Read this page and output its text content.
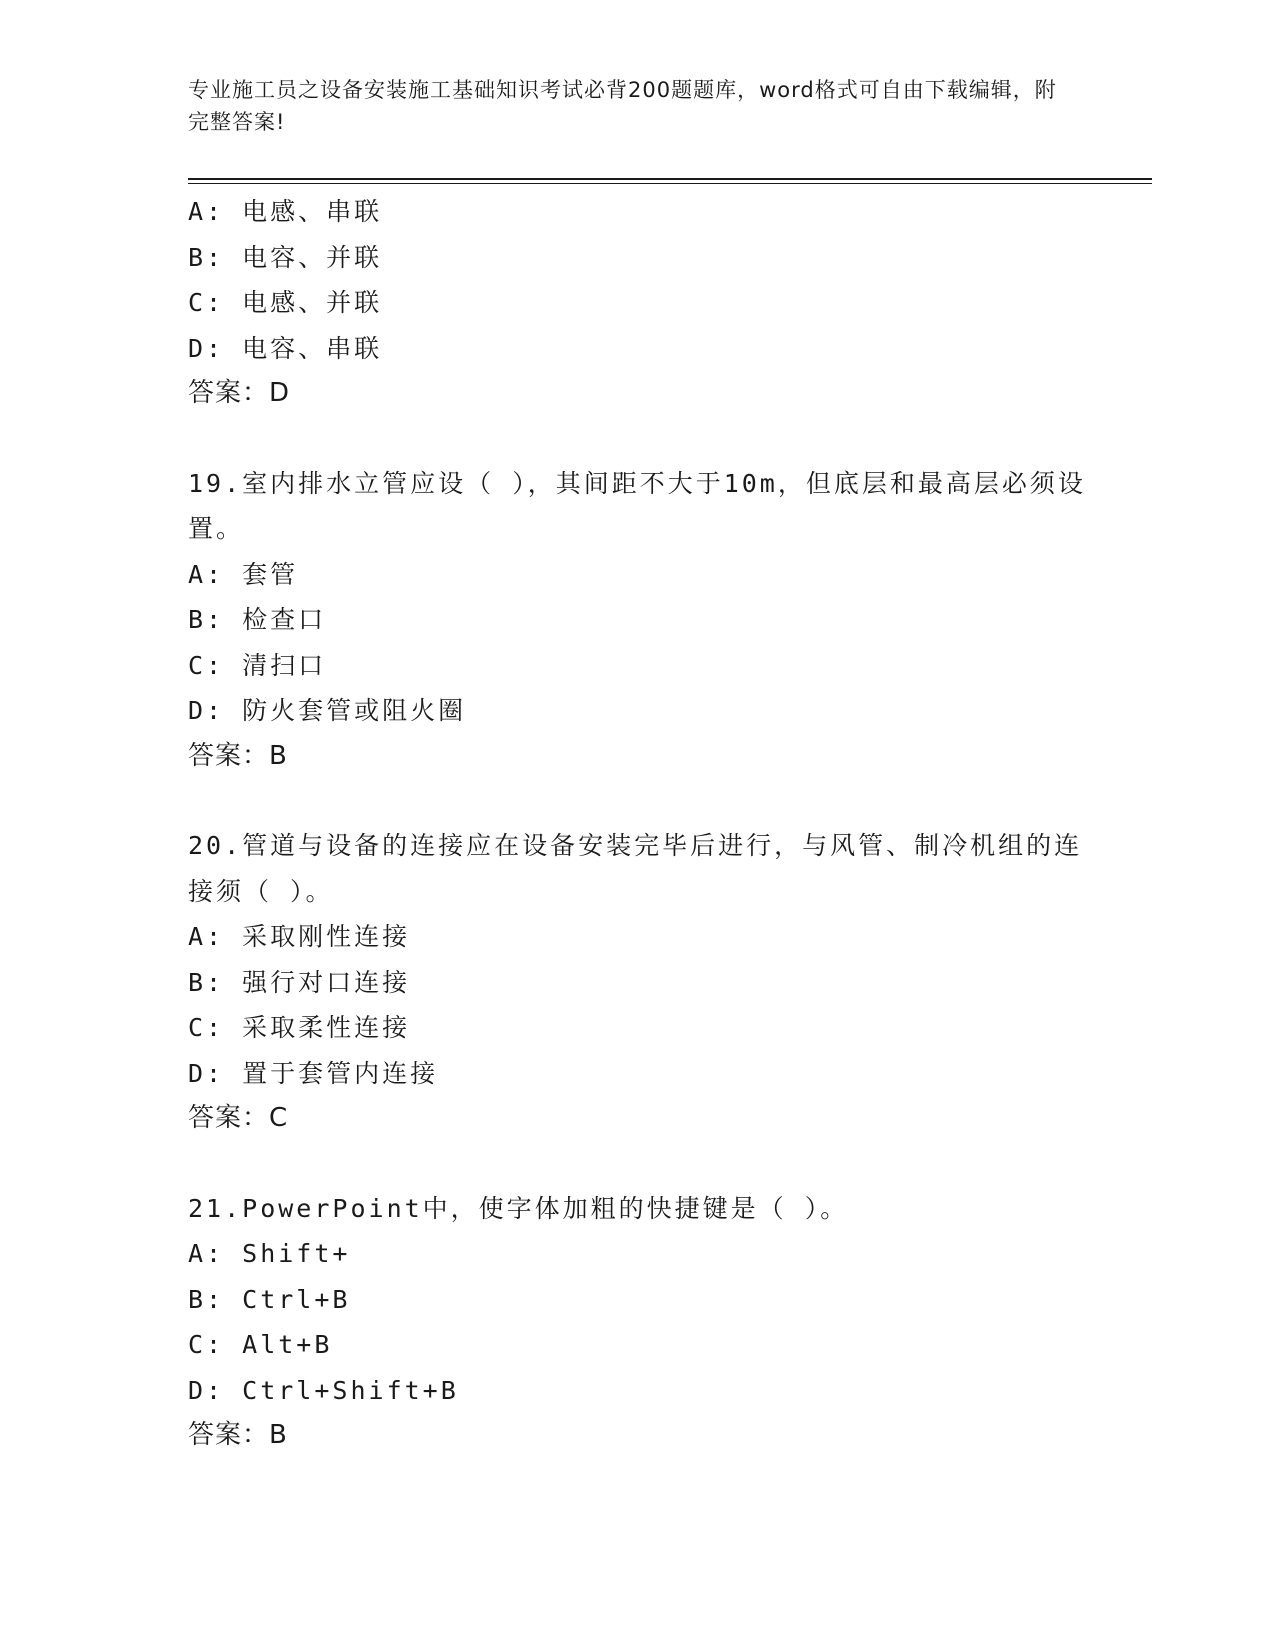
专业施工员之设备安装施工基础知识考试必背200题题库，word格式可自由下载编辑，附完整答案!
A: 电感、串联
B: 电容、并联
C: 电感、并联
D: 电容、串联
答案：D
19.室内排水立管应设（ ），其间距不大于10m，但底层和最高层必须设置。
A: 套管
B: 检查口
C: 清扫口
D: 防火套管或阻火圈
答案：B
20.管道与设备的连接应在设备安装完毕后进行，与风管、制冷机组的连接须（ ）。
A: 采取刚性连接
B: 强行对口连接
C: 采取柔性连接
D: 置于套管内连接
答案：C
21.PowerPoint中，使字体加粗的快捷键是（ ）。
A: Shift+
B: Ctrl+B
C: Alt+B
D: Ctrl+Shift+B
答案：B
